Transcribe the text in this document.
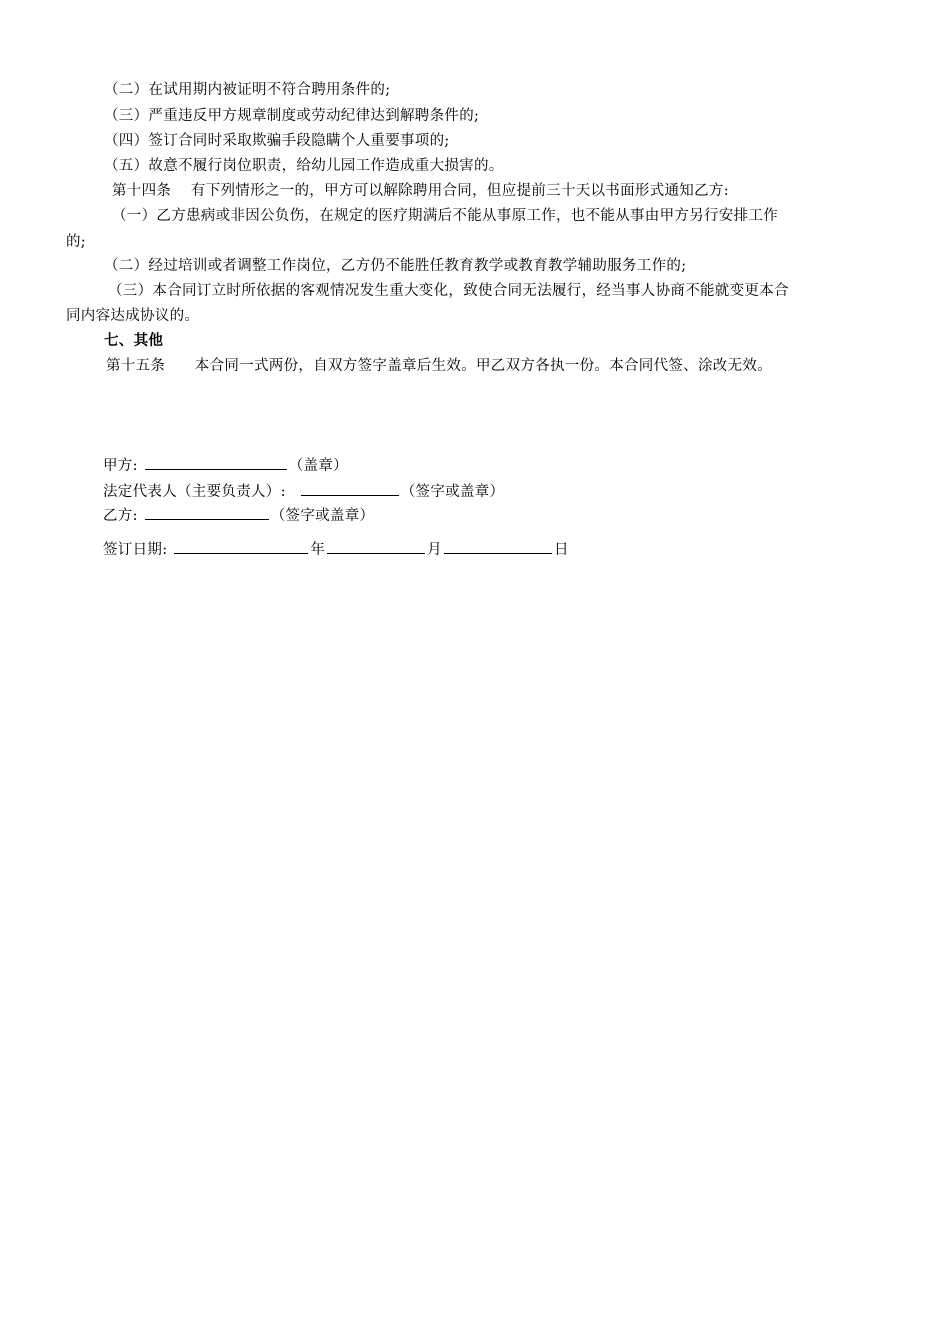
（二）在试用期内被证明不符合聘用条件的;
（三）严重违反甲方规章制度或劳动纪律达到解聘条件的;
（四）签订合同时采取欺骗手段隐瞒个人重要事项的;
（五）故意不履行岗位职责，给幼儿园工作造成重大损害的。
第十四条　 有下列情形之一的，甲方可以解除聘用合同，但应提前三十天以书面形式通知乙方:
（一）乙方患病或非因公负伤，在规定的医疗期满后不能从事原工作，也不能从事由甲方另行安排工作
的;
（二）经过培训或者调整工作岗位，乙方仍不能胜任教育教学或教育教学辅助服务工作的;
（三）本合同订立时所依据的客观情况发生重大变化，致使合同无法履行，经当事人协商不能就变更本合
同内容达成协议的。
七、其他
第十五条　　本合同一式两份，自双方签字盖章后生效。甲乙双方各执一份。本合同代签、涂改无效。
甲方:	（盖章）
法定代表人（主要负责人）:	（签字或盖章）
乙方:	（签字或盖章）
签订日期:	年	月	日
